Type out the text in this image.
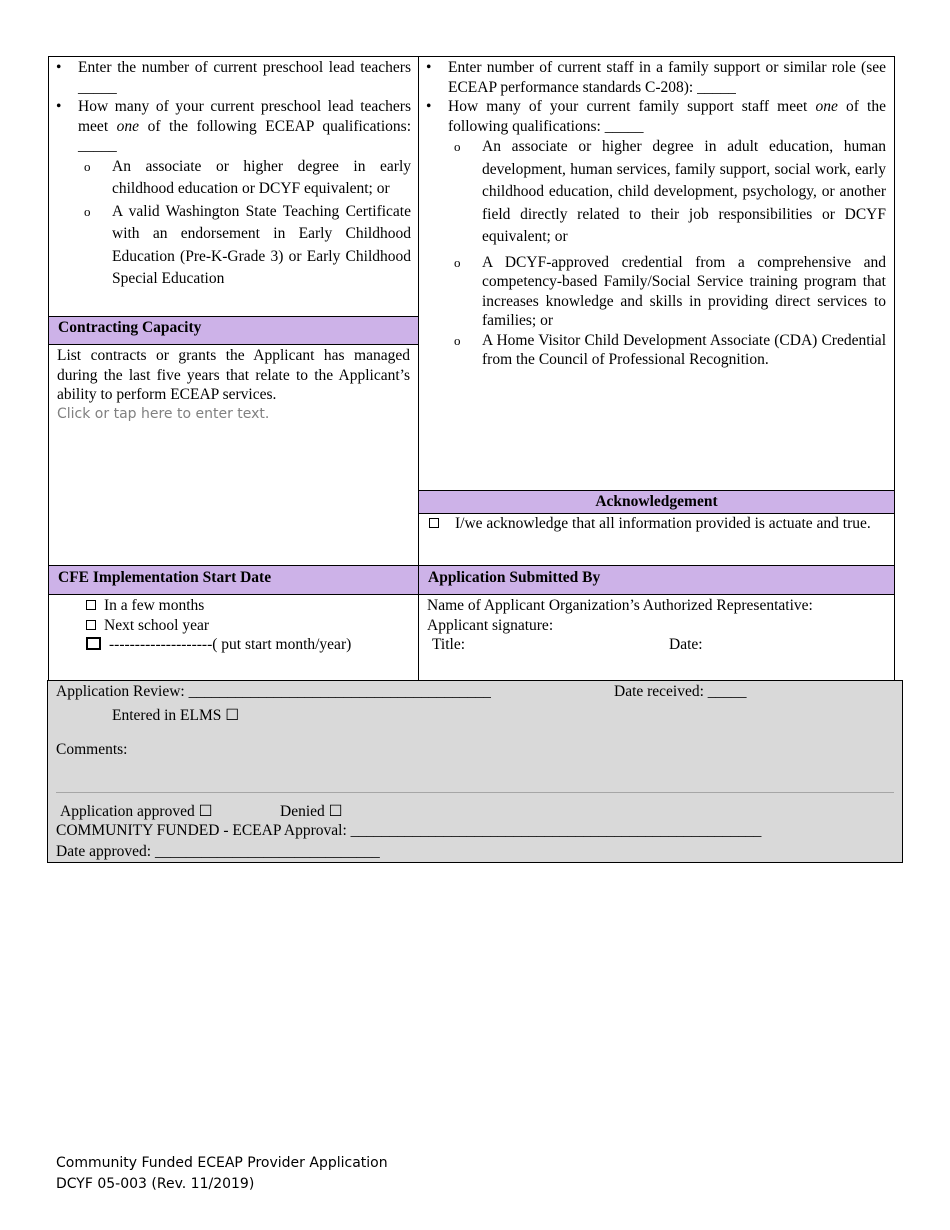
• Enter the number of current preschool lead teachers _____
• How many of your current preschool lead teachers meet one of the following ECEAP qualifications: _____
o An associate or higher degree in early childhood education or DCYF equivalent; or
o A valid Washington State Teaching Certificate with an endorsement in Early Childhood Education (Pre-K-Grade 3) or Early Childhood Special Education
Contracting Capacity
List contracts or grants the Applicant has managed during the last five years that relate to the Applicant’s ability to perform ECEAP services.
Click or tap here to enter text.
• Enter number of current staff in a family support or similar role (see ECEAP performance standards C-208): _____
• How many of your current family support staff meet one of the following qualifications: _____
o An associate or higher degree in adult education, human development, human services, family support, social work, early childhood education, child development, psychology, or another field directly related to their job responsibilities or DCYF equivalent; or
o A DCYF-approved credential from a comprehensive and competency-based Family/Social Service training program that increases knowledge and skills in providing direct services to families; or
o A Home Visitor Child Development Associate (CDA) Credential from the Council of Professional Recognition.
Acknowledgement
I/we acknowledge that all information provided is actuate and true.
CFE Implementation Start Date	Application Submitted By
In a few months
Next school year
--------------------( put start month/year)
Name of Applicant Organization’s Authorized Representative:
Applicant signature:
Title:	Date:
Application Review: _______________________________________	Date received: _____
Entered in ELMS ☐
Comments:
Application approved ☐	Denied ☐
COMMUNITY FUNDED - ECEAP Approval: _____________________________________________________
Date approved: _____________________________
Community Funded ECEAP Provider Application
DCYF 05-003 (Rev. 11/2019)
